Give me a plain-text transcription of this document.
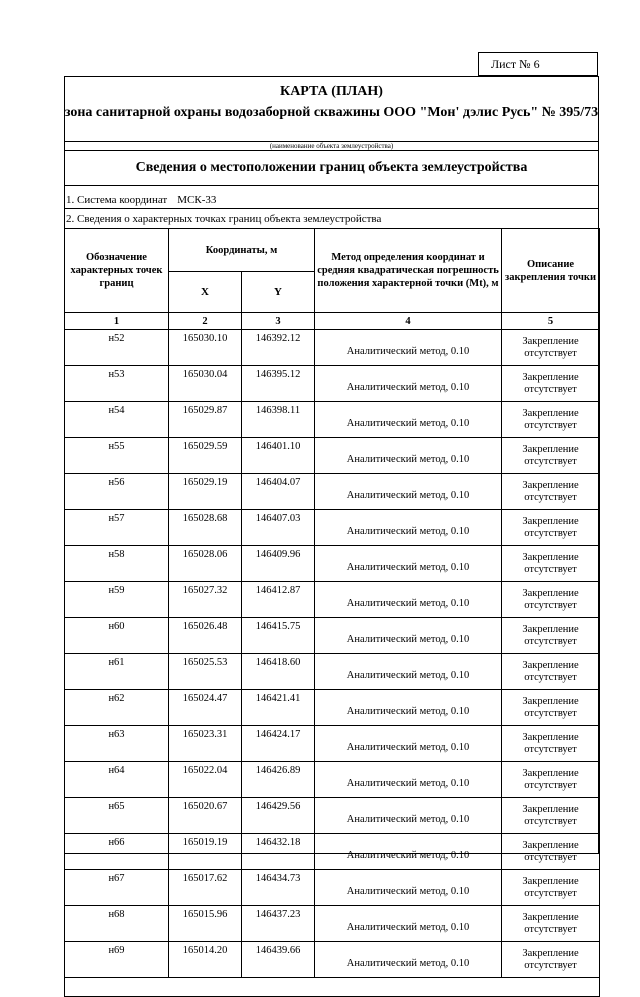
Лист № 6
КАРТА (ПЛАН)
зона санитарной охраны водозаборной скважины ООО "Мон' дэлис Русь" № 395/73
(наименование объекта землеустройства)
Сведения о местоположении границ объекта землеустройства
1. Система координат МСК-33
2. Сведения о характерных точках границ объекта землеустройства
Обозначение характерных точек границ	Координаты, м		Метод определения координат и средняя квадратическая погрешность положения характерной точки (Mt), м	Описание закрепления точки
	X	Y		
1	2	3	4	5
н52	165030.10	146392.12	Аналитический метод, 0.10	Закрепление отсутствует
н53	165030.04	146395.12	Аналитический метод, 0.10	Закрепление отсутствует
н54	165029.87	146398.11	Аналитический метод, 0.10	Закрепление отсутствует
н55	165029.59	146401.10	Аналитический метод, 0.10	Закрепление отсутствует
н56	165029.19	146404.07	Аналитический метод, 0.10	Закрепление отсутствует
н57	165028.68	146407.03	Аналитический метод, 0.10	Закрепление отсутствует
н58	165028.06	146409.96	Аналитический метод, 0.10	Закрепление отсутствует
н59	165027.32	146412.87	Аналитический метод, 0.10	Закрепление отсутствует
н60	165026.48	146415.75	Аналитический метод, 0.10	Закрепление отсутствует
н61	165025.53	146418.60	Аналитический метод, 0.10	Закрепление отсутствует
н62	165024.47	146421.41	Аналитический метод, 0.10	Закрепление отсутствует
н63	165023.31	146424.17	Аналитический метод, 0.10	Закрепление отсутствует
н64	165022.04	146426.89	Аналитический метод, 0.10	Закрепление отсутствует
н65	165020.67	146429.56	Аналитический метод, 0.10	Закрепление отсутствует
н66	165019.19	146432.18	Аналитический метод, 0.10	Закрепление отсутствует
н67	165017.62	146434.73	Аналитический метод, 0.10	Закрепление отсутствует
н68	165015.96	146437.23	Аналитический метод, 0.10	Закрепление отсутствует
н69	165014.20	146439.66	Аналитический метод, 0.10	Закрепление отсутствует
